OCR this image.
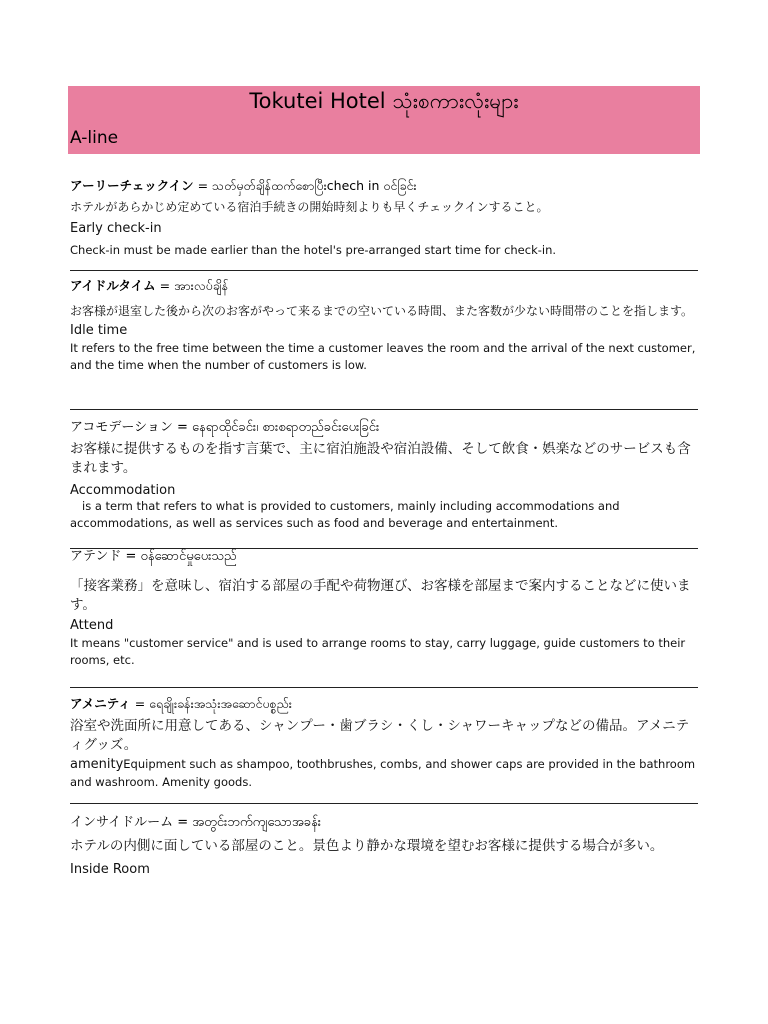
Tokutei Hotel သုံးစကားလုံးများ
A-line
アーリーチェックイン = သတ်မှတ်ချိန်ထက်စောပြီးchech in ဝင်ခြင်း
ホテルがあらかじめ定めている宿泊手続きの開始時刻よりも早くチェックインすること。
Early check-in
Check-in must be made earlier than the hotel's pre-arranged start time for check-in.
アイドルタイム = အားလပ်ချိန်
お客様が退室した後から次のお客がやって来るまでの空いている時間、また客数が少ない時間帯のことを指します。
Idle time
It refers to the free time between the time a customer leaves the room and the arrival of the next customer, and the time when the number of customers is low.
アコモデーション = နေရာထိုင်ခင်း၊ စားစရာတည်ခင်းပေးခြင်း
お客様に提供するものを指す言葉で、主に宿泊施設や宿泊設備、そして飲食・娯楽などのサービスも含まれます。
Accommodation
is a term that refers to what is provided to customers, mainly including accommodations and accommodations, as well as services such as food and beverage and entertainment.
アテンド = ဝန်ဆောင်မှုပေးသည်
「接客業務」を意味し、宿泊する部屋の手配や荷物運び、お客様を部屋まで案内することなどに使います。
Attend
It means "customer service" and is used to arrange rooms to stay, carry luggage, guide customers to their rooms, etc.
アメニティ = ရေချိုးခန်းအသုံးအဆောင်ပစ္စည်း
浴室や洗面所に用意してある、シャンプー・歯ブラシ・くし・シャワーキャップなどの備品。アメニティグッズ。
amenityEquipment such as shampoo, toothbrushes, combs, and shower caps are provided in the bathroom and washroom. Amenity goods.
インサイドルーム = အတွင်းဘက်ကျသောအခန်း
ホテルの内側に面している部屋のこと。景色より静かな環境を望むお客様に提供する場合が多い。
Inside Room
